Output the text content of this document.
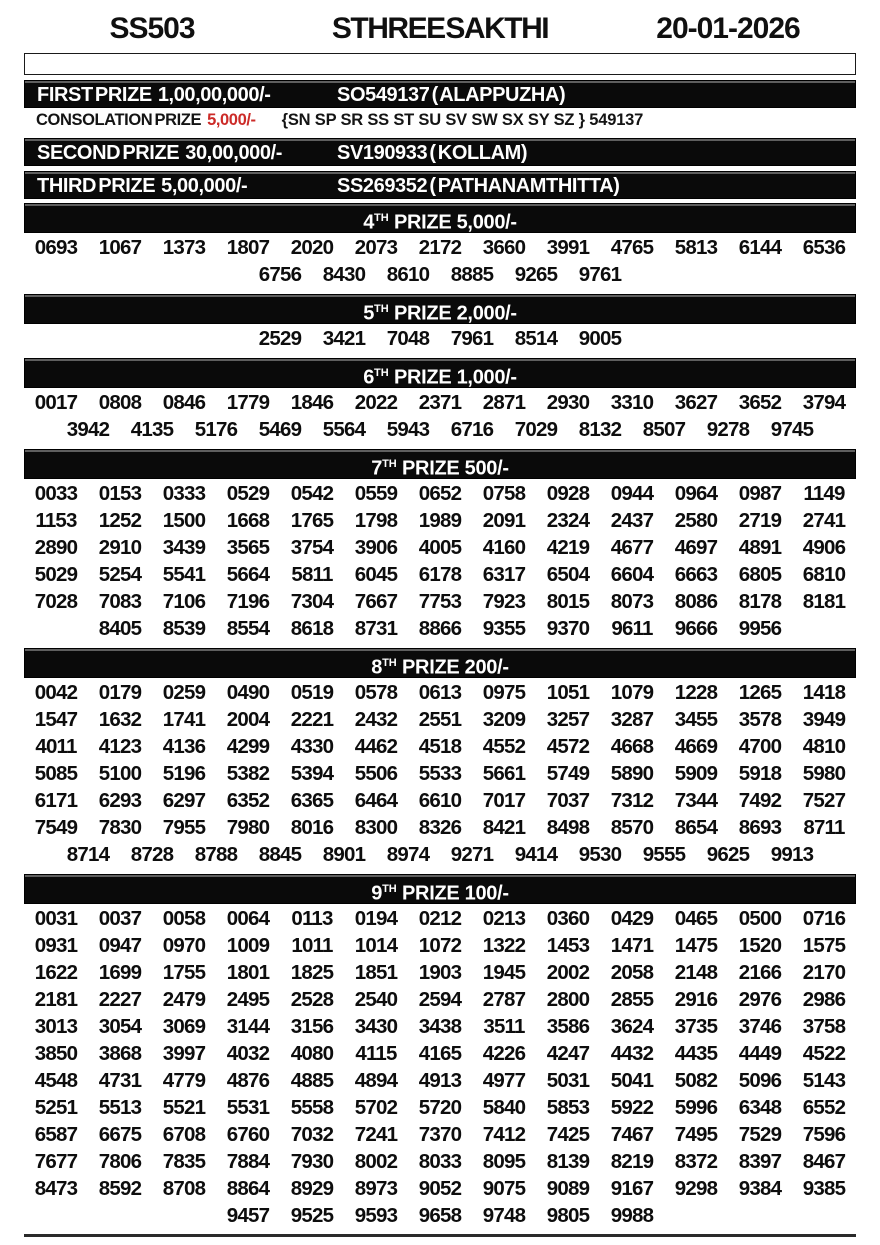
SS503	STHREE SAKTHI	20-01-2026
FIRST PRIZE 1,00,00,000/-	SO549137 ( ALAPPUZHA)
CONSOLATION PRIZE 5,000/- {SN SP SR SS ST SU SV SW SX SY SZ } 549137
SECOND PRIZE 30,00,000/-	SV190933 ( KOLLAM)
THIRD PRIZE 5,00,000/-	SS269352 ( PATHANAMTHITTA)
4TH PRIZE 5,000/-
0693	1067	1373	1807	2020	2073	2172	3660	3991	4765	5813	6144	6536
6756	8430	8610	8885	9265	9761
5TH PRIZE 2,000/-
2529	3421	7048	7961	8514	9005
6TH PRIZE 1,000/-
0017	0808	0846	1779	1846	2022	2371	2871	2930	3310	3627	3652	3794
3942	4135	5176	5469	5564	5943	6716	7029	8132	8507	9278	9745
7TH PRIZE 500/-
0033	0153	0333	0529	0542	0559	0652	0758	0928	0944	0964	0987	1149
1153	1252	1500	1668	1765	1798	1989	2091	2324	2437	2580	2719	2741
2890	2910	3439	3565	3754	3906	4005	4160	4219	4677	4697	4891	4906
5029	5254	5541	5664	5811	6045	6178	6317	6504	6604	6663	6805	6810
7028	7083	7106	7196	7304	7667	7753	7923	8015	8073	8086	8178	8181
8405	8539	8554	8618	8731	8866	9355	9370	9611	9666	9956
8TH PRIZE 200/-
0042	0179	0259	0490	0519	0578	0613	0975	1051	1079	1228	1265	1418
1547	1632	1741	2004	2221	2432	2551	3209	3257	3287	3455	3578	3949
4011	4123	4136	4299	4330	4462	4518	4552	4572	4668	4669	4700	4810
5085	5100	5196	5382	5394	5506	5533	5661	5749	5890	5909	5918	5980
6171	6293	6297	6352	6365	6464	6610	7017	7037	7312	7344	7492	7527
7549	7830	7955	7980	8016	8300	8326	8421	8498	8570	8654	8693	8711
8714	8728	8788	8845	8901	8974	9271	9414	9530	9555	9625	9913
9TH PRIZE 100/-
0031	0037	0058	0064	0113	0194	0212	0213	0360	0429	0465	0500	0716
0931	0947	0970	1009	1011	1014	1072	1322	1453	1471	1475	1520	1575
1622	1699	1755	1801	1825	1851	1903	1945	2002	2058	2148	2166	2170
2181	2227	2479	2495	2528	2540	2594	2787	2800	2855	2916	2976	2986
3013	3054	3069	3144	3156	3430	3438	3511	3586	3624	3735	3746	3758
3850	3868	3997	4032	4080	4115	4165	4226	4247	4432	4435	4449	4522
4548	4731	4779	4876	4885	4894	4913	4977	5031	5041	5082	5096	5143
5251	5513	5521	5531	5558	5702	5720	5840	5853	5922	5996	6348	6552
6587	6675	6708	6760	7032	7241	7370	7412	7425	7467	7495	7529	7596
7677	7806	7835	7884	7930	8002	8033	8095	8139	8219	8372	8397	8467
8473	8592	8708	8864	8929	8973	9052	9075	9089	9167	9298	9384	9385
9457	9525	9593	9658	9748	9805	9988
